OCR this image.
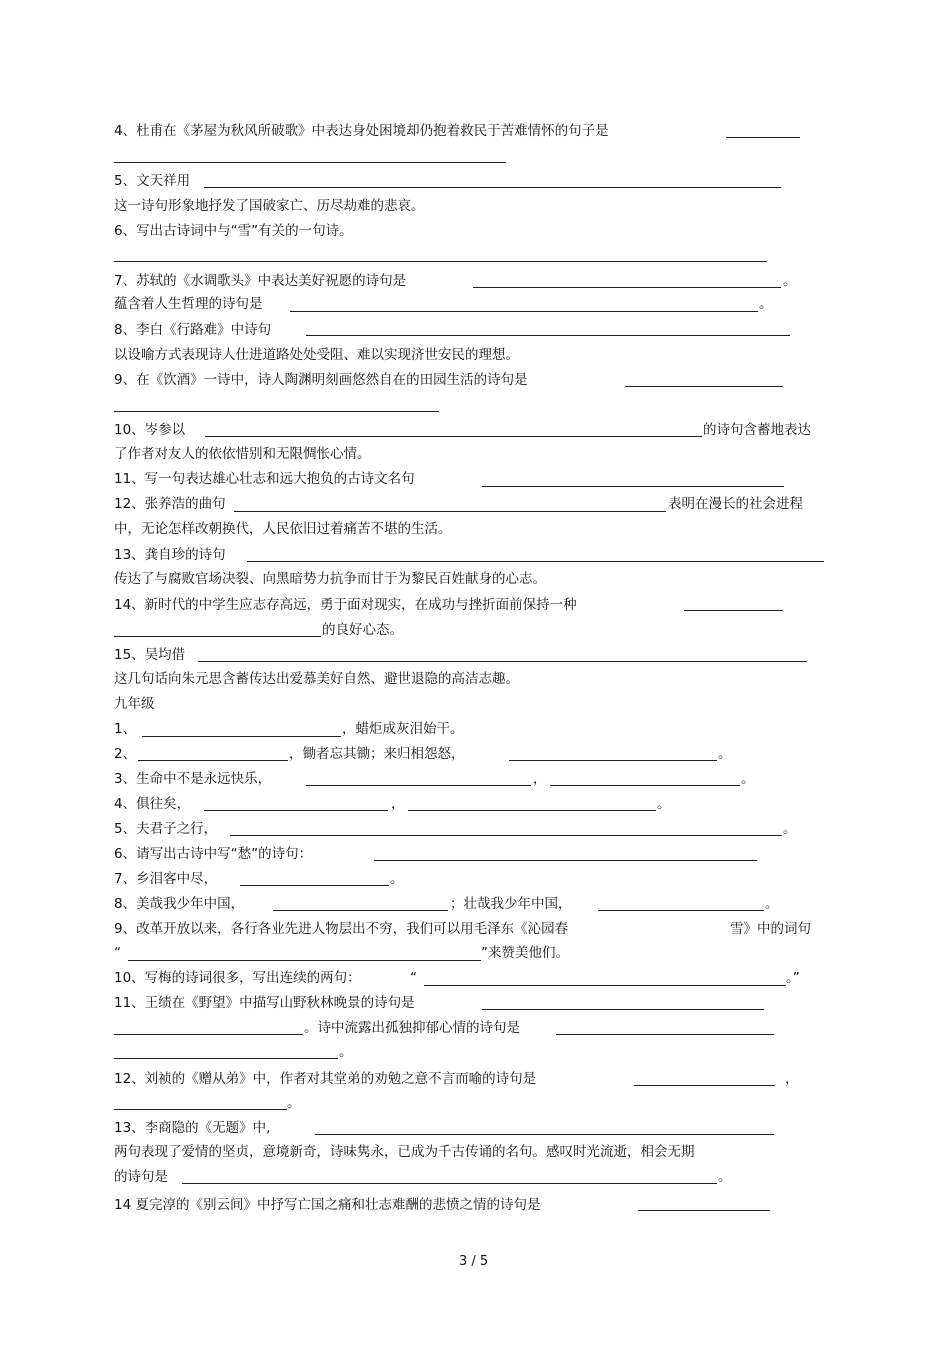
4、杜甫在《茅屋为秋风所破歌》中表达身处困境却仍抱着救民于苦难情怀的句子是
5、文天祥用
这一诗句形象地抒发了国破家亡、历尽劫难的悲哀。
6、写出古诗词中与“雪”有关的一句诗。
7、苏轼的《水调歌头》中表达美好祝愿的诗句是	。
蕴含着人生哲理的诗句是	。
8、李白《行路难》中诗句
以设喻方式表现诗人仕进道路处处受阻、难以实现济世安民的理想。
9、在《饮酒》一诗中，诗人陶渊明刻画悠然自在的田园生活的诗句是
10、岑参以	的诗句含蓄地表达
了作者对友人的依依惜别和无限惆怅心情。
11、写一句表达雄心壮志和远大抱负的古诗文名句
12、张养浩的曲句	表明在漫长的社会进程
中，无论怎样改朝换代，人民依旧过着痛苦不堪的生活。
13、龚自珍的诗句
传达了与腐败官场决裂、向黑暗势力抗争而甘于为黎民百姓献身的心志。
14、新时代的中学生应志存高远，勇于面对现实，在成功与挫折面前保持一种
的良好心态。
15、吴均借
这几句话向朱元思含蓄传达出爱慕美好自然、避世退隐的高洁志趣。
九年级
1、	，蜡炬成灰泪始干。
2、	，锄者忘其锄；来归相怨怒，	。
3、生命中不是永远快乐，	，	。
4、俱往矣，	，	。
5、夫君子之行，	。
6、请写出古诗中写“愁”的诗句：
7、乡泪客中尽，	。
8、美哉我少年中国，	；壮哉我少年中国，	。
9、改革开放以来，各行各业先进人物层出不穷，我们可以用毛泽东《沁园春	雪》中的词句
“	”来赞美他们。
10、写梅的诗词很多，写出连续的两句：	“	。”
11、王绩在《野望》中描写山野秋林晚景的诗句是
。诗中流露出孤独抑郁心情的诗句是
。
12、刘祯的《赠从弟》中，作者对其堂弟的劝勉之意不言而喻的诗句是	，
。
13、李商隐的《无题》中,
两句表现了爱情的坚贞，意境新奇，诗味隽永，已成为千古传诵的名句。感叹时光流逝，相会无期
的诗句是	。
14 夏完淳的《别云间》中抒写亡国之痛和壮志难酬的悲愤之情的诗句是
3 / 5
